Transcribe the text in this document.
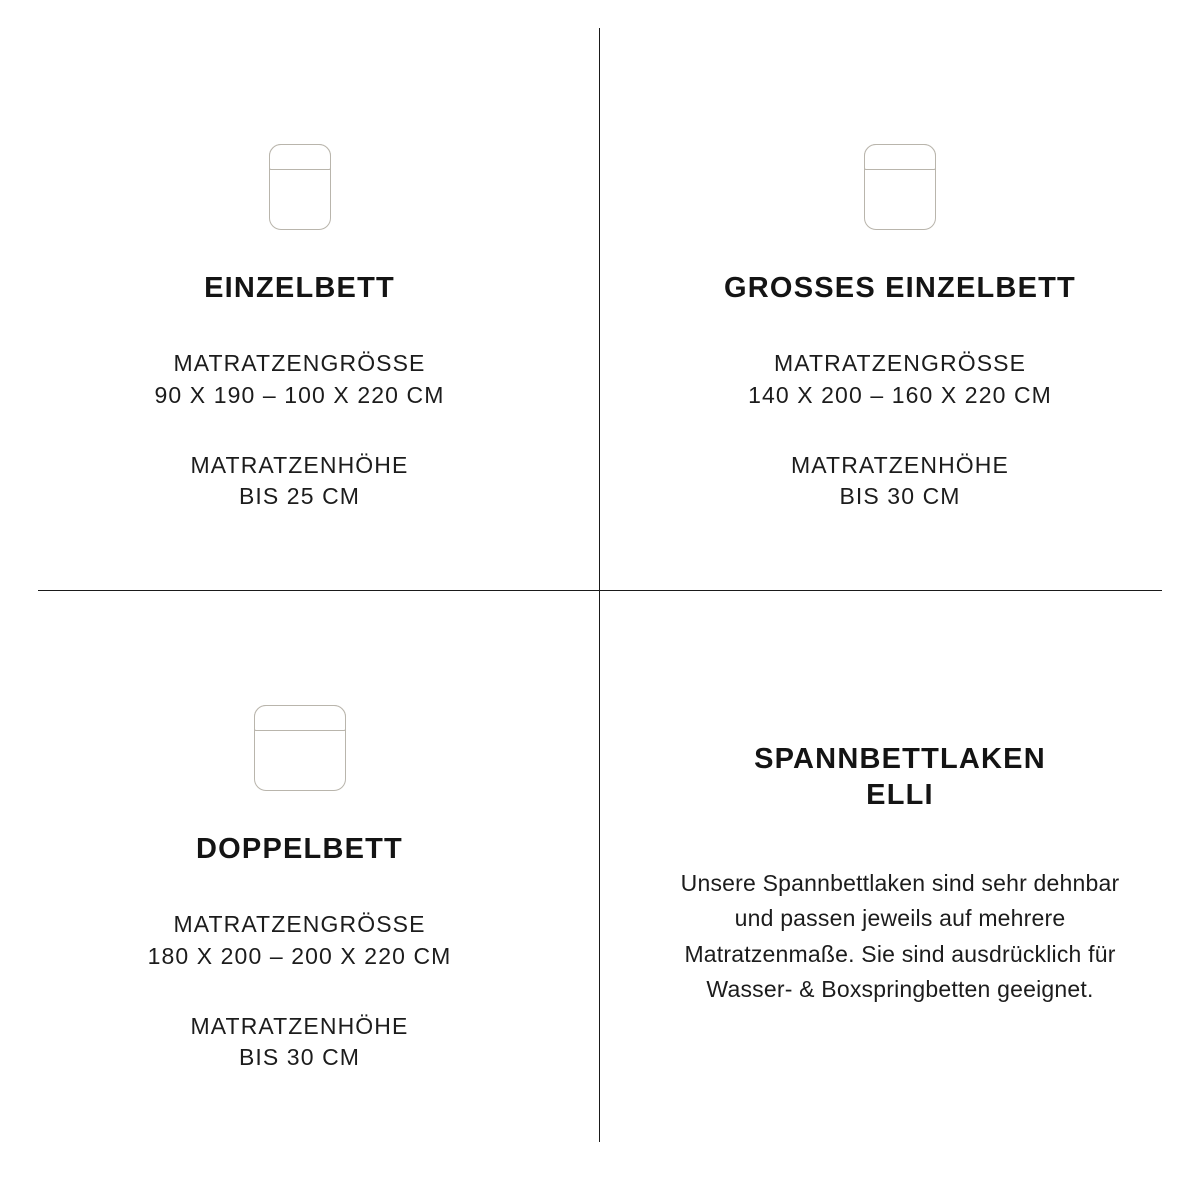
EINZELBETT
MATRATZENGRÖSSE
90 X 190 – 100 X 220 CM
MATRATZENHÖHE
BIS 25 CM
GROSSES EINZELBETT
MATRATZENGRÖSSE
140 X 200 – 160 X 220 CM
MATRATZENHÖHE
BIS 30 CM
DOPPELBETT
MATRATZENGRÖSSE
180 X 200 – 200 X 220 CM
MATRATZENHÖHE
BIS 30 CM
SPANNBETTLAKEN
ELLI
Unsere Spannbettlaken sind sehr dehnbar und passen jeweils auf mehrere Matratzenmaße. Sie sind ausdrücklich für Wasser- & Boxspringbetten geeignet.
